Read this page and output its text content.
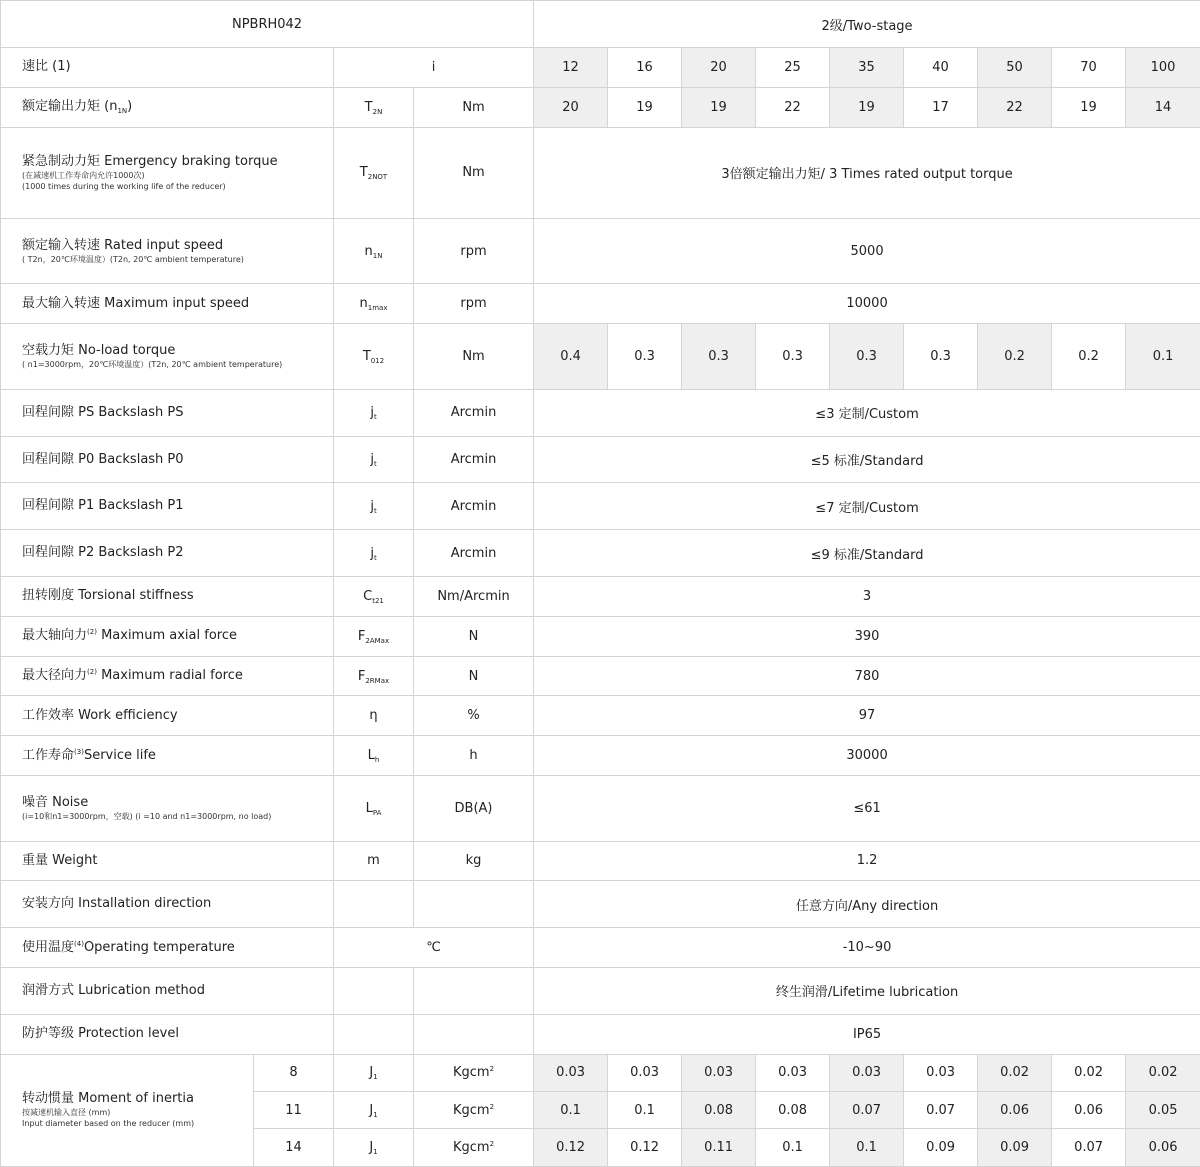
NPBRH042				2级/Two-stage								

速比 (1)		i		12	16	20	25	35	40	50	70	100

额定输出力矩 $(n_{1N})$		$T_{2N}$	Nm	20	19	19	22	19	17	22	19	14

紧急制动力矩 Emergency braking torque
(在减速机工作寿命内允许1000次)
(1000 times during the working life of the reducer)		$T_{2NOT}$	Nm	3倍额定输出力矩/ 3 Times rated output torque								

额定输入转速 Rated input speed
( T2n，20℃环境温度）(T2n, 20℃ ambient temperature)		$n_{1N}$	rpm	5000								

最大输入转速 Maximum input speed		$n_{1max}$	rpm	10000								

空载力矩 No-load torque
( n1=3000rpm，20℃环境温度）(T2n, 20℃ ambient temperature)		$T_{012}$	Nm	0.4	0.3	0.3	0.3	0.3	0.3	0.2	0.2	0.1

回程间隙 PS Backslash PS		$j_t$	Arcmin	≤3 定制/Custom								

回程间隙 P0 Backslash P0		$j_t$	Arcmin	≤5 标准/Standard								

回程间隙 P1 Backslash P1		$j_t$	Arcmin	≤7 定制/Custom								

回程间隙 P2 Backslash P2		$j_t$	Arcmin	≤9 标准/Standard								

扭转刚度 Torsional stiffness		$C_{t21}$	Nm/Arcmin	3								

最大轴向力$^{(2)}$ Maximum axial force		$F_{2AMax}$	N	390								

最大径向力$^{(2)}$ Maximum radial force		$F_{2RMax}$	N	780								

工作效率 Work efficiency		η	%	97								

工作寿命$^{(3)}$Service life		$L_h$	h	30000								

噪音 Noise
(i=10和n1=3000rpm，空载) (i =10 and n1=3000rpm, no load)		$L_{PA}$	DB(A)	≤61								

重量 Weight		m	kg	1.2								

安装方向 Installation direction				任意方向/Any direction								

使用温度$^{(4)}$Operating temperature		℃		-10~90								

润滑方式 Lubrication method				终生润滑/Lifetime lubrication								

防护等级 Protection level				IP65								

转动惯量 Moment of inertia
按减速机输入直径 (mm)
Input diameter based on the reducer (mm)	8	$J_1$	Kgcm$^2$	0.03	0.03	0.03	0.03	0.03	0.03	0.02	0.02	0.02
	11	$J_1$	Kgcm$^2$	0.1	0.1	0.08	0.08	0.07	0.07	0.06	0.06	0.05
	14	$J_1$	Kgcm$^2$	0.12	0.12	0.11	0.1	0.1	0.09	0.09	0.07	0.06
